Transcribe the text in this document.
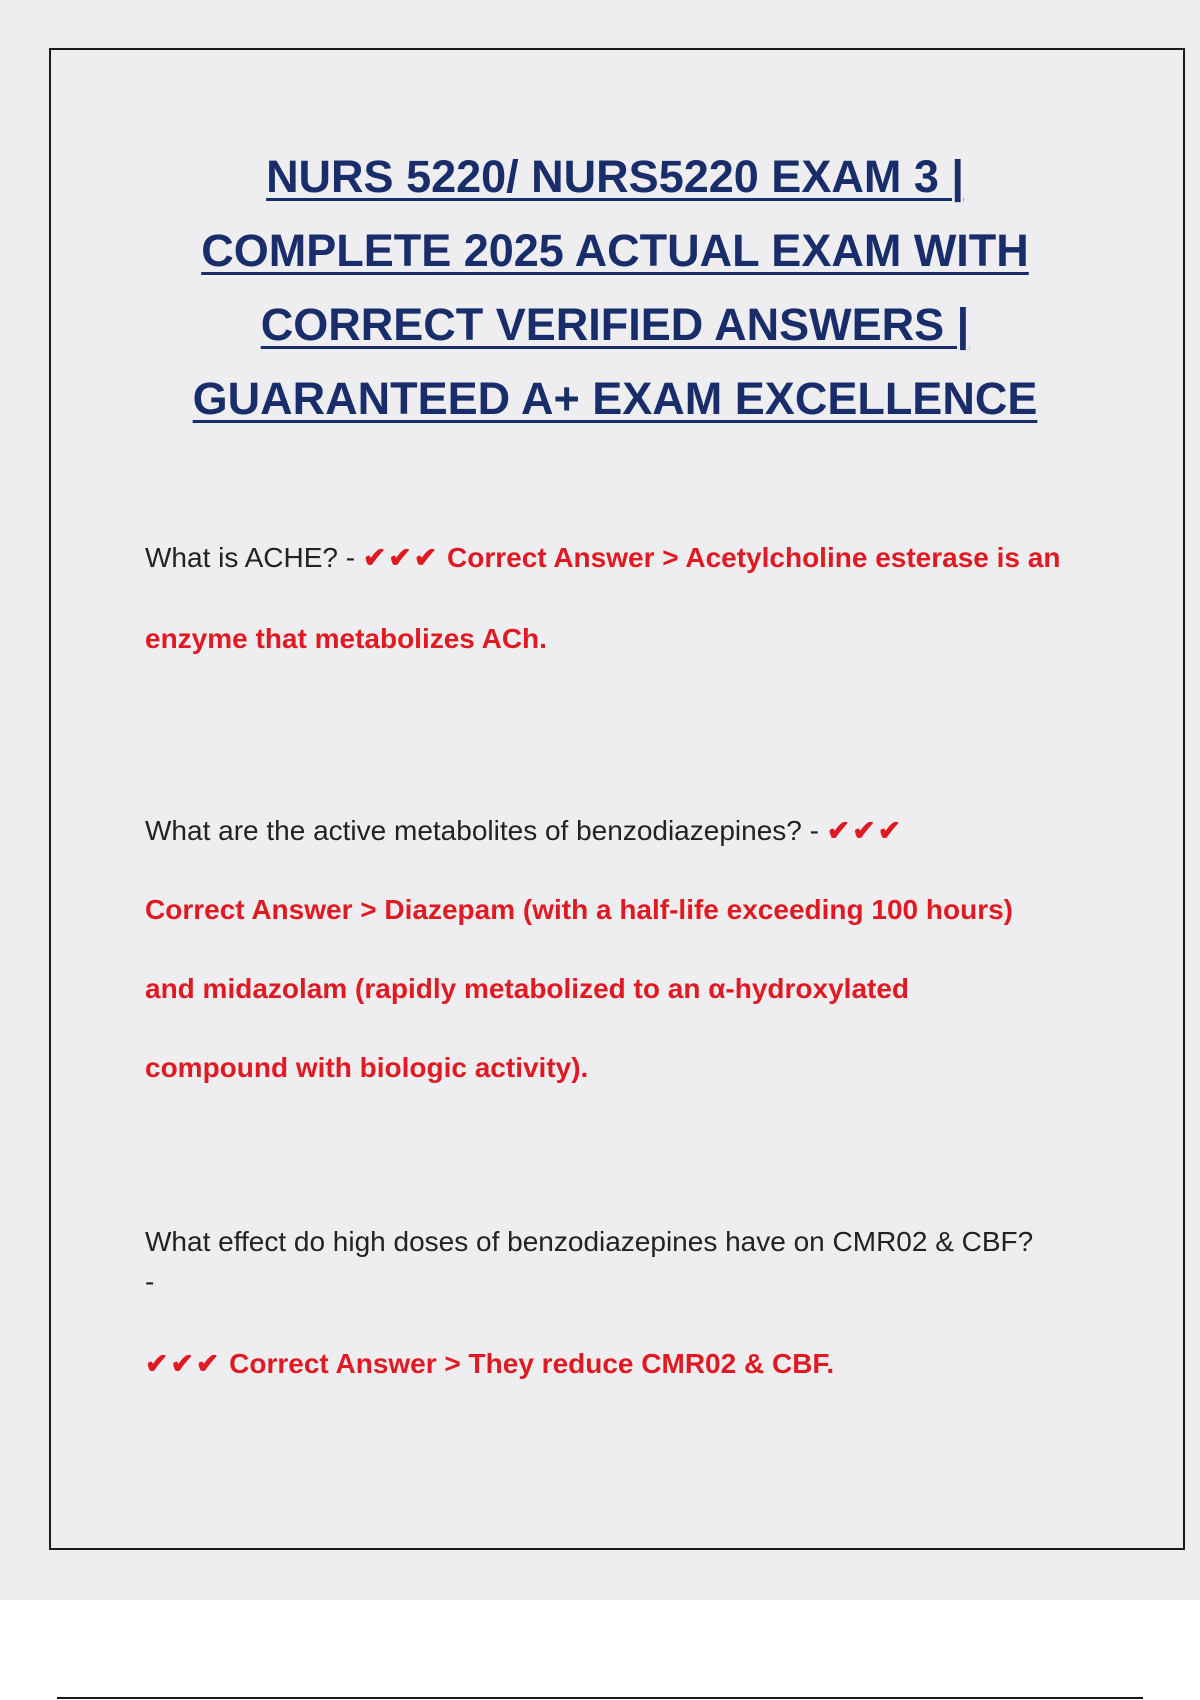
NURS 5220/ NURS5220 EXAM 3 |
COMPLETE 2025 ACTUAL EXAM WITH
CORRECT VERIFIED ANSWERS |
GUARANTEED A+ EXAM EXCELLENCE
What is ACHE? - ✔✔✔ Correct Answer > Acetylcholine esterase is an
enzyme that metabolizes ACh.
What are the active metabolites of benzodiazepines? - ✔✔✔
Correct Answer > Diazepam (with a half-life exceeding 100 hours)
and midazolam (rapidly metabolized to an α-hydroxylated
compound with biologic activity).
What effect do high doses of benzodiazepines have on CMR02 & CBF?
-
✔✔✔ Correct Answer > They reduce CMR02 & CBF.
